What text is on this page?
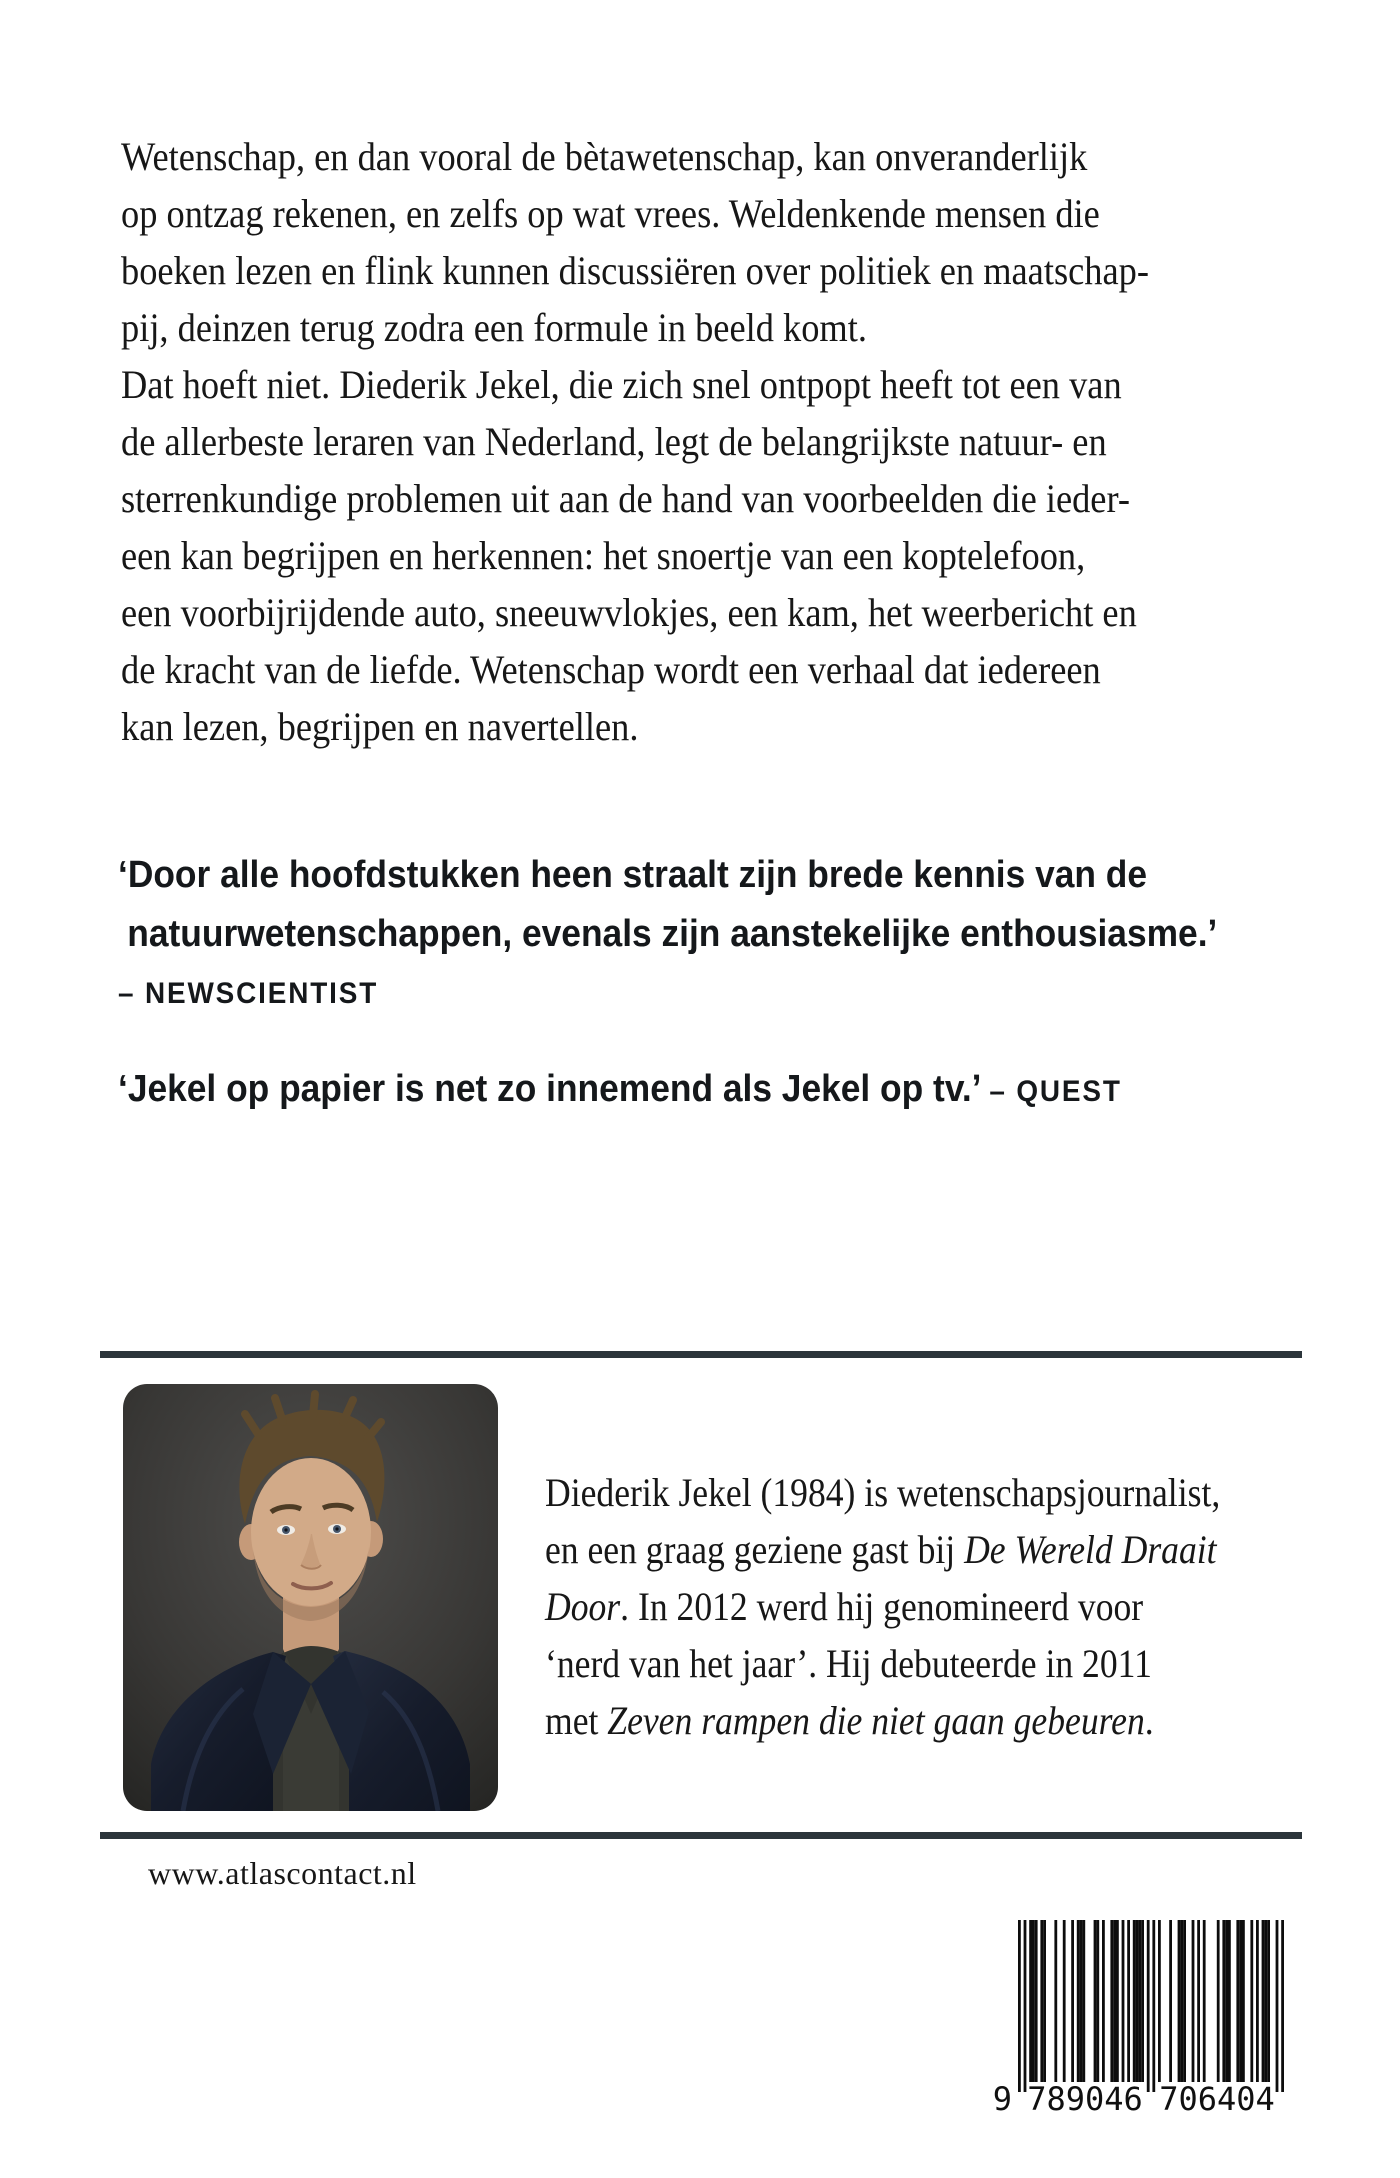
Wetenschap, en dan vooral de bètawetenschap, kan onveranderlijk
op ontzag rekenen, en zelfs op wat vrees. Weldenkende mensen die
boeken lezen en flink kunnen discussiëren over politiek en maatschap-
pij, deinzen terug zodra een formule in beeld komt.
Dat hoeft niet. Diederik Jekel, die zich snel ontpopt heeft tot een van
de allerbeste leraren van Nederland, legt de belangrijkste natuur- en
sterrenkundige problemen uit aan de hand van voorbeelden die ieder-
een kan begrijpen en herkennen: het snoertje van een koptelefoon,
een voorbijrijdende auto, sneeuwvlokjes, een kam, het weerbericht en
de kracht van de liefde. Wetenschap wordt een verhaal dat iedereen
kan lezen, begrijpen en navertellen.
‘Door alle hoofdstukken heen straalt zijn brede kennis van de
natuurwetenschappen, evenals zijn aanstekelijke enthousiasme.’
– NEWSCIENTIST
‘Jekel op papier is net zo innemend als Jekel op tv.’ – QUEST
Diederik Jekel (1984) is wetenschapsjournalist,
en een graag geziene gast bij De Wereld Draait
Door. In 2012 werd hij genomineerd voor
‘nerd van het jaar’. Hij debuteerde in 2011
met Zeven rampen die niet gaan gebeuren.
www.atlascontact.nl
9 789046 706404
